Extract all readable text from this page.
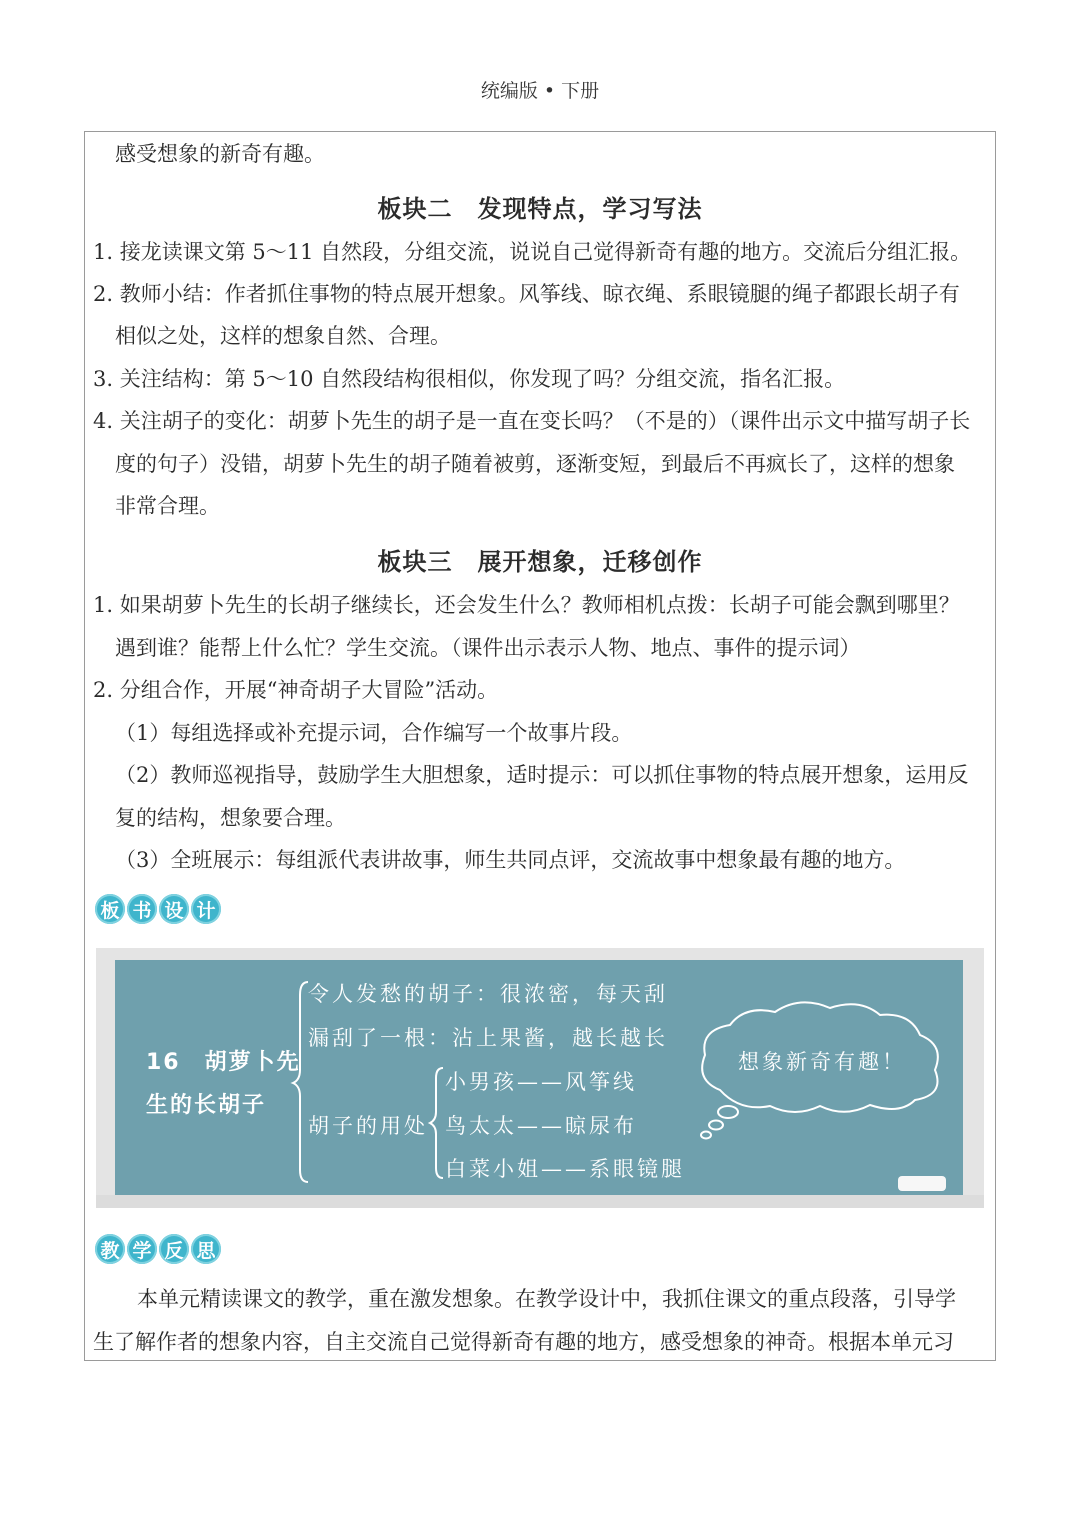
统编版 • 下册
感受想象的新奇有趣。
板块二　发现特点，学习写法
1. 接龙读课文第 5～11 自然段，分组交流，说说自己觉得新奇有趣的地方。交流后分组汇报。
2. 教师小结：作者抓住事物的特点展开想象。风筝线、晾衣绳、系眼镜腿的绳子都跟长胡子有
相似之处，这样的想象自然、合理。
3. 关注结构：第 5～10 自然段结构很相似，你发现了吗？分组交流，指名汇报。
4. 关注胡子的变化：胡萝卜先生的胡子是一直在变长吗？（不是的）（课件出示文中描写胡子长
度的句子）没错，胡萝卜先生的胡子随着被剪，逐渐变短，到最后不再疯长了，这样的想象
非常合理。
板块三　展开想象，迁移创作
1. 如果胡萝卜先生的长胡子继续长，还会发生什么？教师相机点拨：长胡子可能会飘到哪里？
遇到谁？能帮上什么忙？学生交流。（课件出示表示人物、地点、事件的提示词）
2. 分组合作，开展“神奇胡子大冒险”活动。
（1）每组选择或补充提示词，合作编写一个故事片段。
（2）教师巡视指导，鼓励学生大胆想象，适时提示：可以抓住事物的特点展开想象，运用反
复的结构，想象要合理。
（3）全班展示：每组派代表讲故事，师生共同点评，交流故事中想象最有趣的地方。
板 书 设 计
16　胡萝卜先
生的长胡子
令人发愁的胡子：很浓密，每天刮
漏刮了一根：沾上果酱，越长越长
胡子的用处
小男孩——风筝线
鸟太太——晾尿布
白菜小姐——系眼镜腿
想象新奇有趣！
教 学 反 思
本单元精读课文的教学，重在激发想象。在教学设计中，我抓住课文的重点段落，引导学
生了解作者的想象内容，自主交流自己觉得新奇有趣的地方，感受想象的神奇。根据本单元习
